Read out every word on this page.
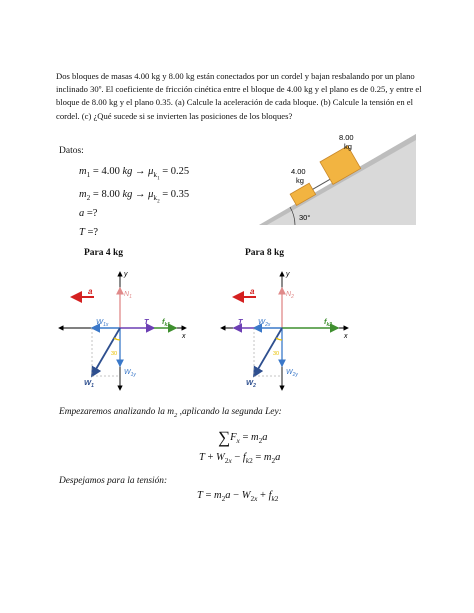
Dos bloques de masas 4.00 kg y 8.00 kg están conectados por un cordel y bajan resbalando por un plano inclinado 30º. El coeficiente de fricción cinética entre el bloque de 4.00 kg y el plano es de 0.25, y entre el bloque de 8.00 kg y el plano 0.35. (a) Calcule la aceleración de cada bloque. (b) Calcule la tensión en el cordel. (c) ¿Qué sucede si se invierten las posiciones de los bloques?
4.00
kg
8.00
kg
30°
Datos:
$m_1 = 4.00$ kg → $\mu_{k_1} = 0.25$
$m_2 = 8.00$ kg → $\mu_{k_2} = 0.35$
a =?
T =?
Para 4 kg	Para 8 kg
y
x
a	$N_1$
$W_{1x}$	T $f_{k1}$
$W_{1y}$
$W_1$
30
y
x
a	$N_2$
$W_{2x}$
T	$f_{k2}$
$W_{2y}$
$W_2$
30
Empezaremos analizando la $m_2$ ,aplicando la segunda Ley:
$\sum F_x = m_2a$
$T + W_{2x} - f_{k2} = m_2a$
Despejamos para la tensión:
$T = m_2a - W_{2x} + f_{k2}$
